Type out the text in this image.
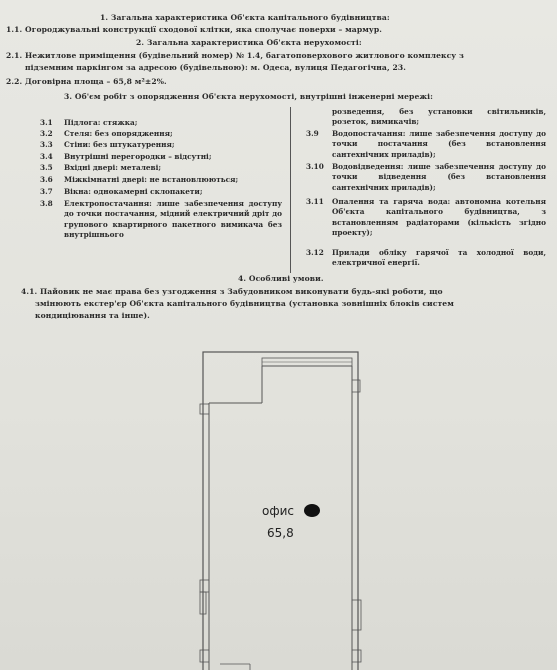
1. Загальна характеристика Об'єкта капітального будівництва:
1.1. Огороджувальні конструкції сходової клітки, яка сполучає поверхи – мармур.
2. Загальна характеристика Об'єкта нерухомості:
2.1. Нежитлове приміщення (будівельний номер) № 1.4, багатоповерхового житлового комплексу з
підземним паркінгом за адресою (будівельною): м. Одеса, вулиця Педагогічна, 23.
2.2. Договірна площа – 65,8 м²±2%.
3. Об'єм робіт з опорядження Об'єкта нерухомості, внутрішні інженерні мережі:
3.1 Підлога: стяжка;
3.2 Стеля: без опорядження;
3.3 Стіни: без штукатурення;
3.4 Внутрішні перегородки – відсутні;
3.5 Вхідні двері: металеві;
3.6 Міжкімнатні двері: не встановлюються;
3.7 Вікна: однокамерні склопакети;
3.8 Електропостачання: лише забезпечення доступу до точки постачання, мідний електричний дріт до групового квартирного пакетного вимикача без внутрішнього
розведення, без установки світильників, розеток, вимикачів;
3.9 Водопостачання: лише забезпечення доступу до точки постачання (без встановлення сантехнічних приладів);
3.10 Водовідведення: лише забезпечення доступу до точки відведення (без встановлення сантехнічних приладів);
3.11 Опалення та гаряча вода: автономна котельня Об'єкта капітального будівництва, з встановленням радіаторами (кількість згідно проекту);
3.12 Прилади обліку гарячої та холодної води, електричної енергії.
4. Особливі умови.
4.1. Пайовик не має права без узгодження з Забудовником виконувати будь-які роботи, що
змінюють екстер'єр Об'єкта капітального будівництва (установка зовнішніх блоків систем
кондиціювання та інше).
офис
65,8
